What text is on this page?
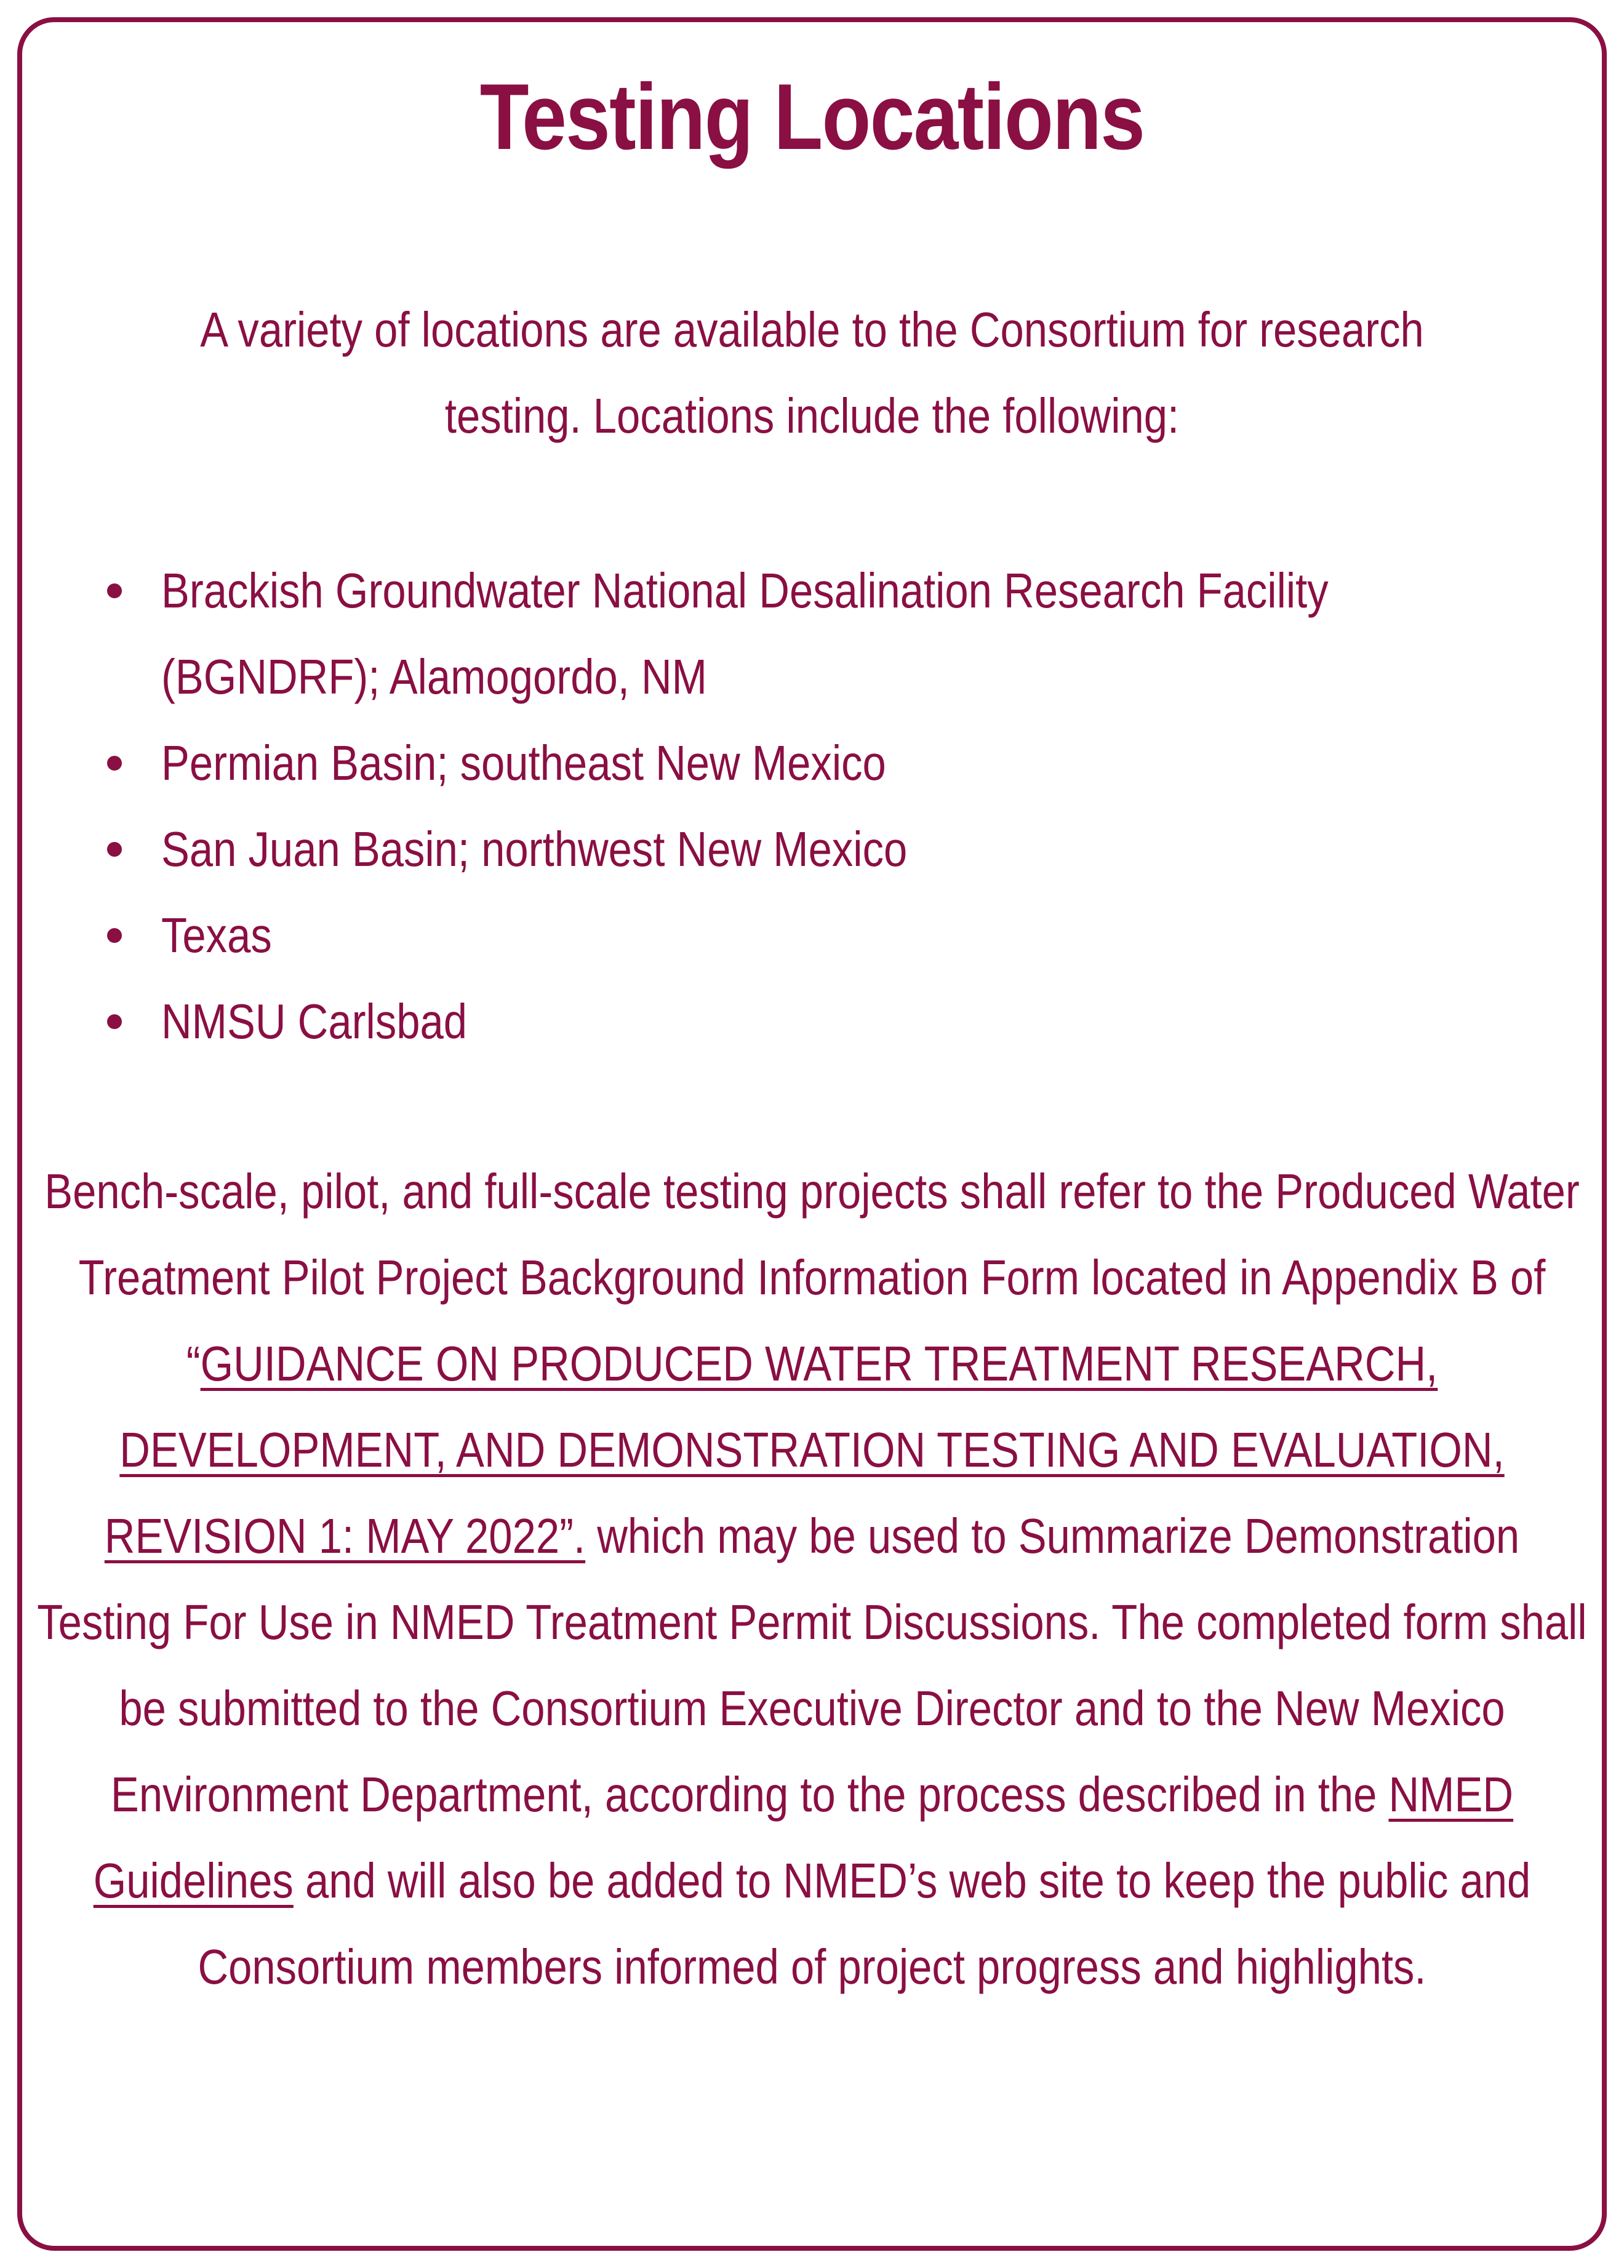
Testing Locations

A variety of locations are available to the Consortium for research testing. Locations include the following:

Brackish Groundwater National Desalination Research Facility (BGNDRF); Alamogordo, NM
Permian Basin; southeast New Mexico
San Juan Basin; northwest New Mexico
Texas
NMSU Carlsbad

Bench-scale, pilot, and full-scale testing projects shall refer to the Produced Water Treatment Pilot Project Background Information Form located in Appendix B of “GUIDANCE ON PRODUCED WATER TREATMENT RESEARCH, DEVELOPMENT, AND DEMONSTRATION TESTING AND EVALUATION, REVISION 1: MAY 2022”. which may be used to Summarize Demonstration Testing For Use in NMED Treatment Permit Discussions. The completed form shall be submitted to the Consortium Executive Director and to the New Mexico Environment Department, according to the process described in the NMED Guidelines and will also be added to NMED’s web site to keep the public and Consortium members informed of project progress and highlights.
